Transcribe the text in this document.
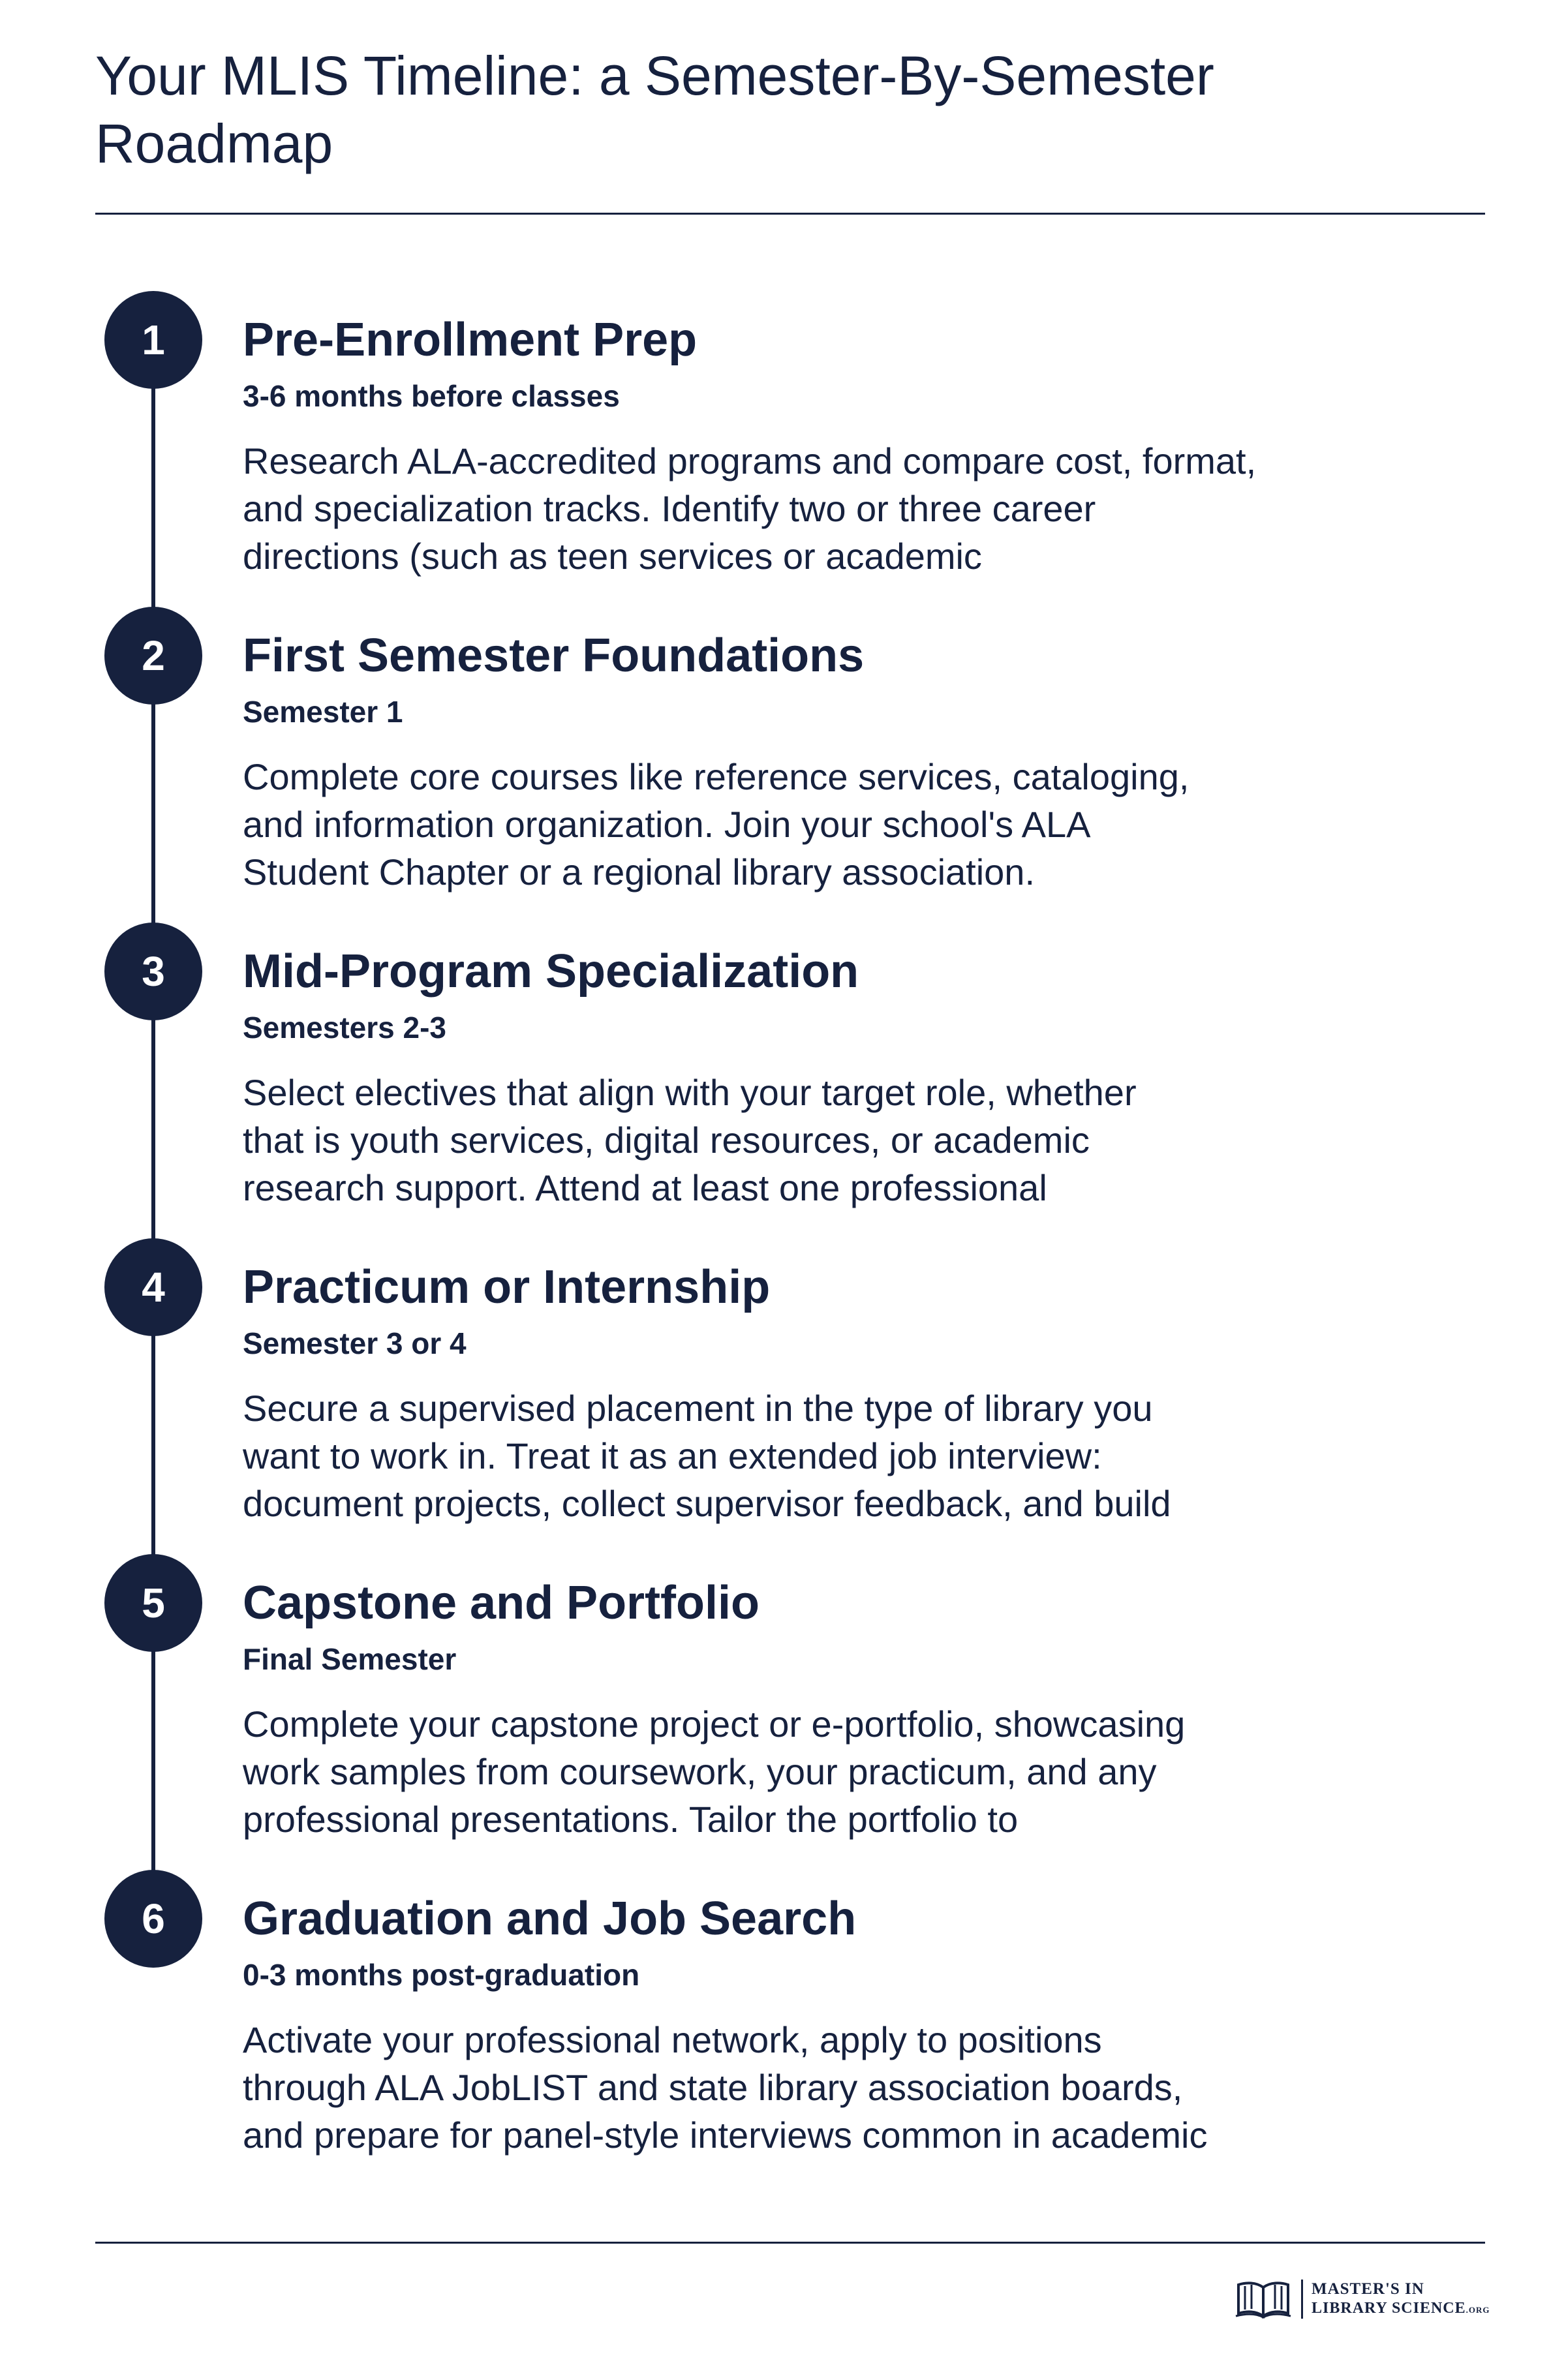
Your MLIS Timeline: a Semester-By-Semester Roadmap
1	Pre-Enrollment Prep
3-6 months before classes

Research ALA-accredited programs and compare cost, format,
and specialization tracks. Identify two or three career
directions (such as teen services or academic

2	First Semester Foundations
Semester 1

Complete core courses like reference services, cataloging,
and information organization. Join your school's ALA
Student Chapter or a regional library association.

3	Mid-Program Specialization
Semesters 2-3

Select electives that align with your target role, whether
that is youth services, digital resources, or academic
research support. Attend at least one professional

4	Practicum or Internship
Semester 3 or 4

Secure a supervised placement in the type of library you
want to work in. Treat it as an extended job interview:
document projects, collect supervisor feedback, and build

5	Capstone and Portfolio
Final Semester

Complete your capstone project or e-portfolio, showcasing
work samples from coursework, your practicum, and any
professional presentations. Tailor the portfolio to

6	Graduation and Job Search
0-3 months post-graduation

Activate your professional network, apply to positions
through ALA JobLIST and state library association boards,
and prepare for panel-style interviews common in academic

MASTER'S IN
LIBRARY SCIENCE.ORG
